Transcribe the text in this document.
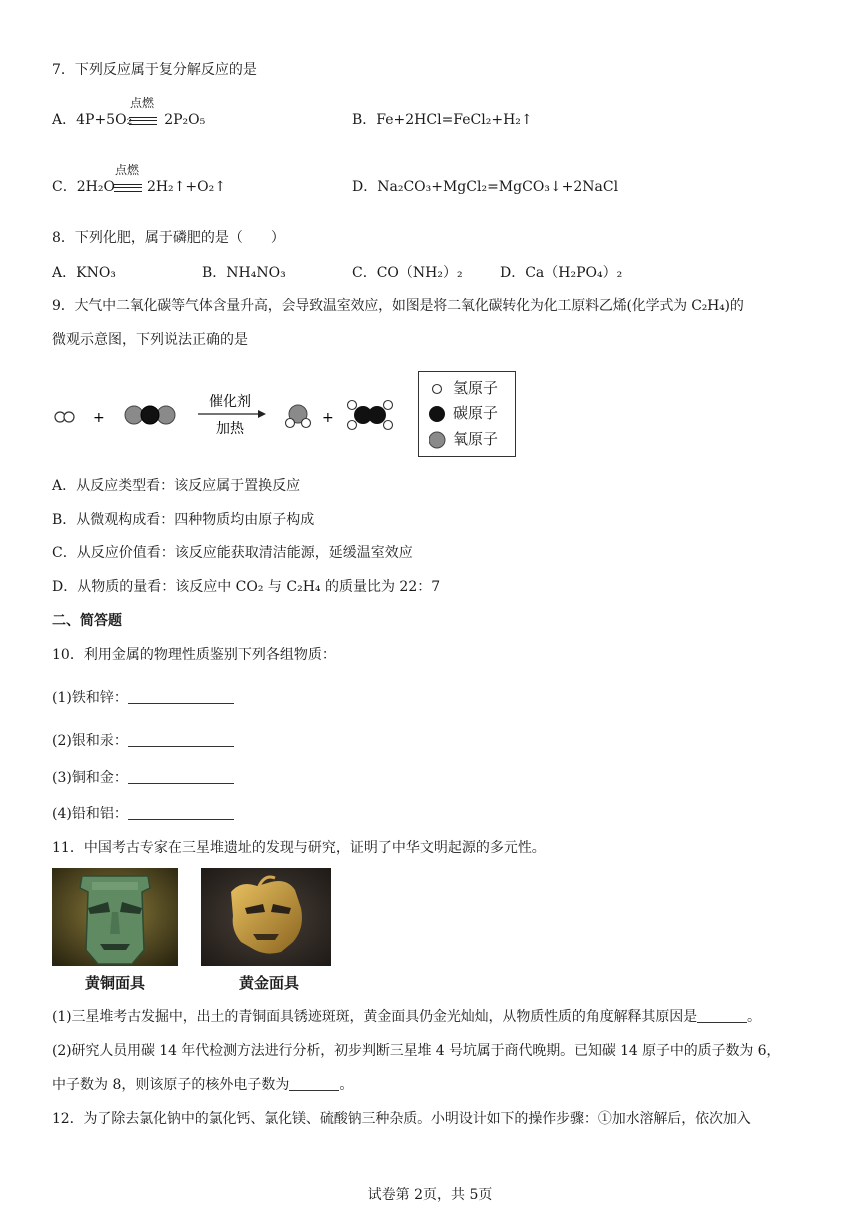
7．下列反应属于复分解反应的是
A．4P+5O₂ 2P₂O₅
点燃
B．Fe+2HCl=FeCl₂+H₂↑
C．2H₂O 2H₂↑+O₂↑
点燃
D．Na₂CO₃+MgCl₂=MgCO₃↓+2NaCl
8．下列化肥，属于磷肥的是（　　）
A．KNO₃	B．NH₄NO₃	C．CO（NH₂）₂	D．Ca（H₂PO₄）₂
9．大气中二氧化碳等气体含量升高，会导致温室效应，如图是将二氧化碳转化为化工原料乙烯(化学式为 C₂H₄)的
微观示意图，下列说法正确的是
+
催化剂
加热
+
氢原子
碳原子
氧原子
A．从反应类型看：该反应属于置换反应
B．从微观构成看：四种物质均由原子构成
C．从反应价值看：该反应能获取清洁能源，延缓温室效应
D．从物质的量看：该反应中 CO₂ 与 C₂H₄ 的质量比为 22：7
二、简答题
10．利用金属的物理性质鉴别下列各组物质：
(1)铁和锌：
(2)银和汞：
(3)铜和金：
(4)铅和铝：
11．中国考古专家在三星堆遗址的发现与研究，证明了中华文明起源的多元性。
黄铜面具	黄金面具
(1)三星堆考古发掘中，出土的青铜面具锈迹斑斑，黄金面具仍金光灿灿，从物质性质的角度解释其原因是	。
(2)研究人员用碳 14 年代检测方法进行分析，初步判断三星堆 4 号坑属于商代晚期。已知碳 14 原子中的质子数为 6，
中子数为 8，则该原子的核外电子数为	。
12．为了除去氯化钠中的氯化钙、氯化镁、硫酸钠三种杂质。小明设计如下的操作步骤：①加水溶解后，依次加入
试卷第 2页，共 5页
